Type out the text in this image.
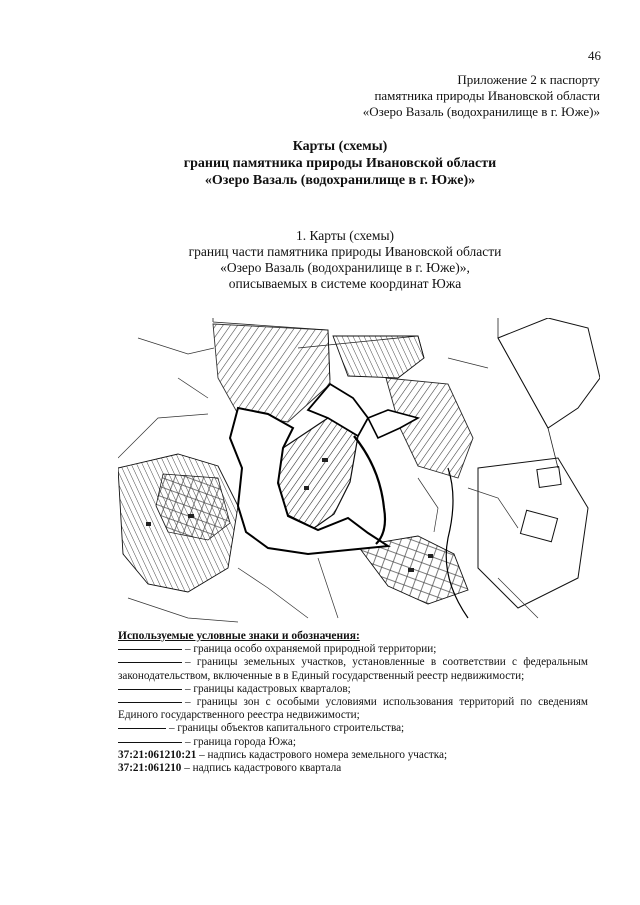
46
Приложение 2 к паспорту
памятника природы Ивановской области
«Озеро Вазаль (водохранилище в г. Юже)»
Карты (схемы)
границ памятника природы Ивановской области
«Озеро Вазаль (водохранилище в г. Юже)»
1. Карты (схемы)
границ части памятника природы Ивановской области
«Озеро Вазаль (водохранилище в г. Юже)»,
описываемых в системе координат Южа
Используемые условные знаки и обозначения:
– граница особо охраняемой природной территории;
– границы земельных участков, установленные в соответствии с федеральным законодательством, включенные в в Единый государственный реестр недвижимости;
– границы кадастровых кварталов;
– границы зон с особыми условиями использования территорий по сведениям Единого государственного реестра недвижимости;
– границы объектов капитального строительства;
– граница города Южа;
37:21:061210:21 – надпись кадастрового номера земельного участка;
37:21:061210 – надпись кадастрового квартала
